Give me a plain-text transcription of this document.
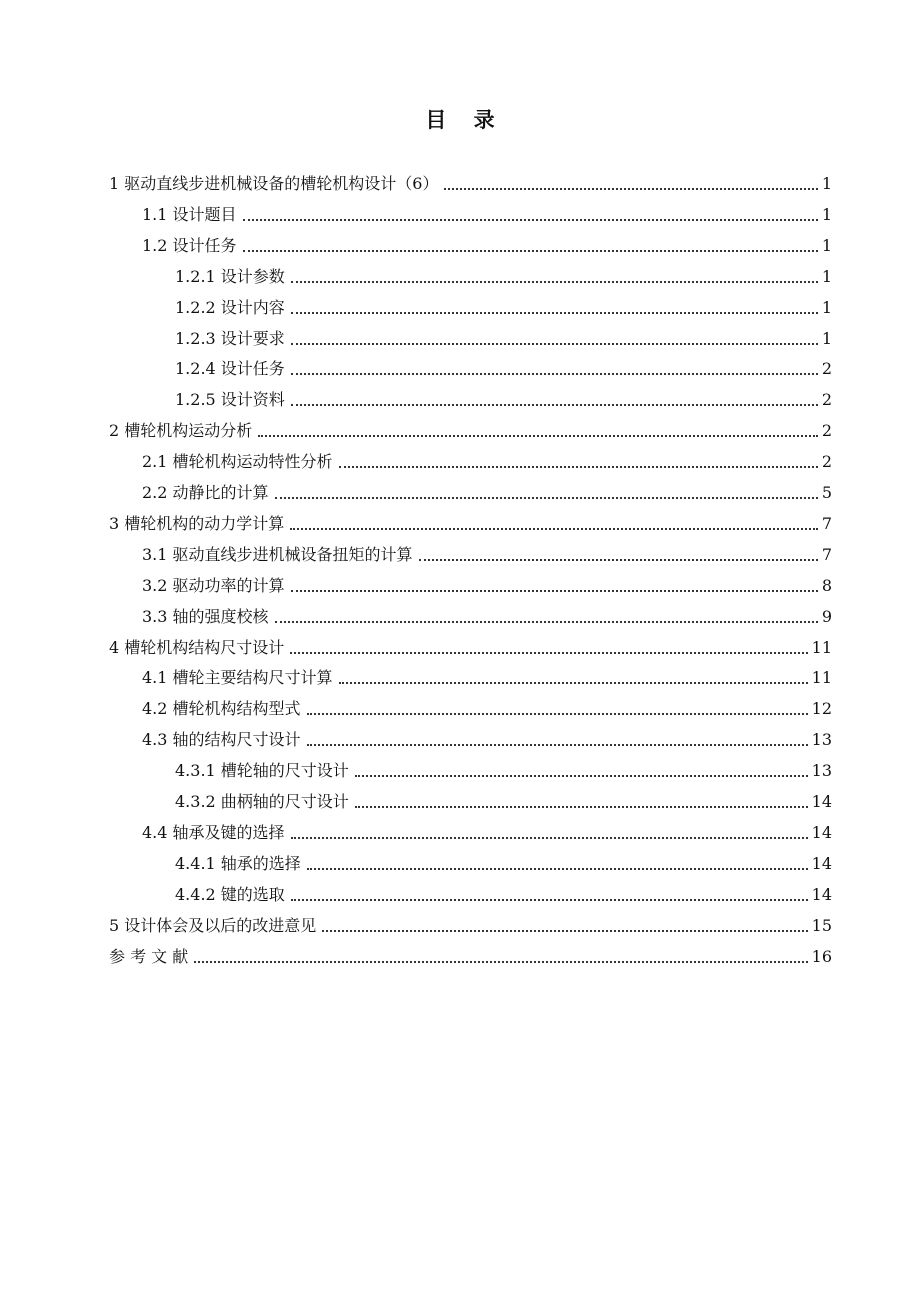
目 录
1 驱动直线步进机械设备的槽轮机构设计（6）	1
1.1 设计题目	1
1.2 设计任务	1
1.2.1 设计参数	1
1.2.2 设计内容	1
1.2.3 设计要求	1
1.2.4 设计任务	2
1.2.5 设计资料	2
2 槽轮机构运动分析	2
2.1 槽轮机构运动特性分析	2
2.2 动静比的计算	5
3 槽轮机构的动力学计算	7
3.1 驱动直线步进机械设备扭矩的计算	7
3.2 驱动功率的计算	8
3.3 轴的强度校核	9
4 槽轮机构结构尺寸设计	11
4.1 槽轮主要结构尺寸计算	11
4.2 槽轮机构结构型式	12
4.3 轴的结构尺寸设计	13
4.3.1 槽轮轴的尺寸设计	13
4.3.2 曲柄轴的尺寸设计	14
4.4 轴承及键的选择	14
4.4.1 轴承的选择	14
4.4.2 键的选取	14
5 设计体会及以后的改进意见	15
参 考 文 献	16
